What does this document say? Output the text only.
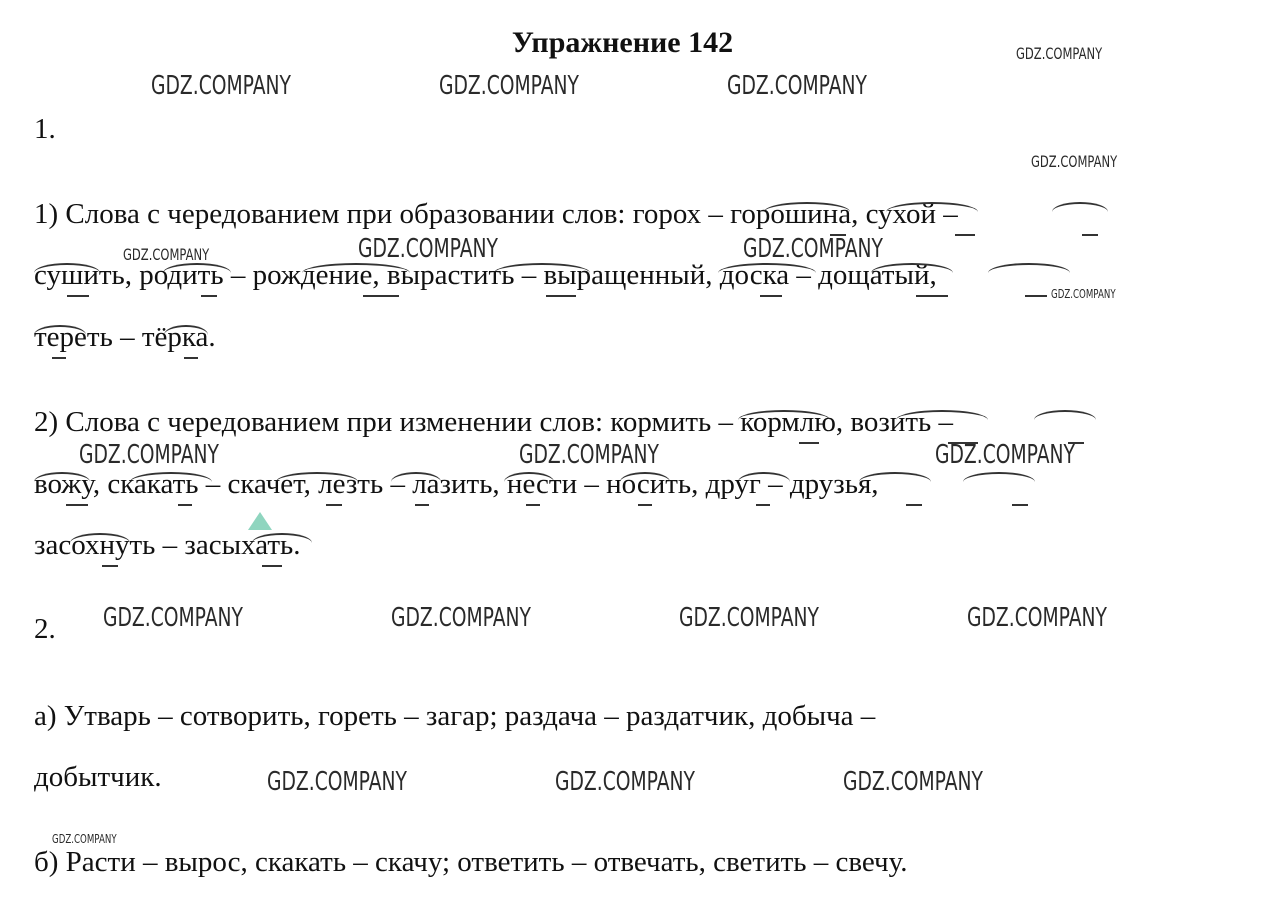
Упражнение 142
1.
1) Слова с чередованием при образовании слов: горох – горошина, сухой –
сушить, родить – рождение, вырастить – выращенный, доска – дощатый,
тереть – тёрка.
2) Слова с чередованием при изменении слов: кормить – кормлю, возить –
вожу, скакать – скачет, лезть – лазить, нести – носить, друг – друзья,
засохнуть – засыхать.
2.
а) Утварь – сотворить, гореть – загар; раздача – раздатчик, добыча –
добытчик.
б) Расти – вырос, скакать – скачу; ответить – отвечать, светить – свечу.
GDZ.COMPANY
GDZ.COMPANY	GDZ.COMPANY	GDZ.COMPANY
GDZ.COMPANY
GDZ.COMPANY	GDZ.COMPANY	GDZ.COMPANY
GDZ.COMPANY
GDZ.COMPANY	GDZ.COMPANY	GDZ.COMPANY
GDZ.COMPANY	GDZ.COMPANY	GDZ.COMPANY	GDZ.COMPANY
GDZ.COMPANY	GDZ.COMPANY	GDZ.COMPANY
GDZ.COMPANY
